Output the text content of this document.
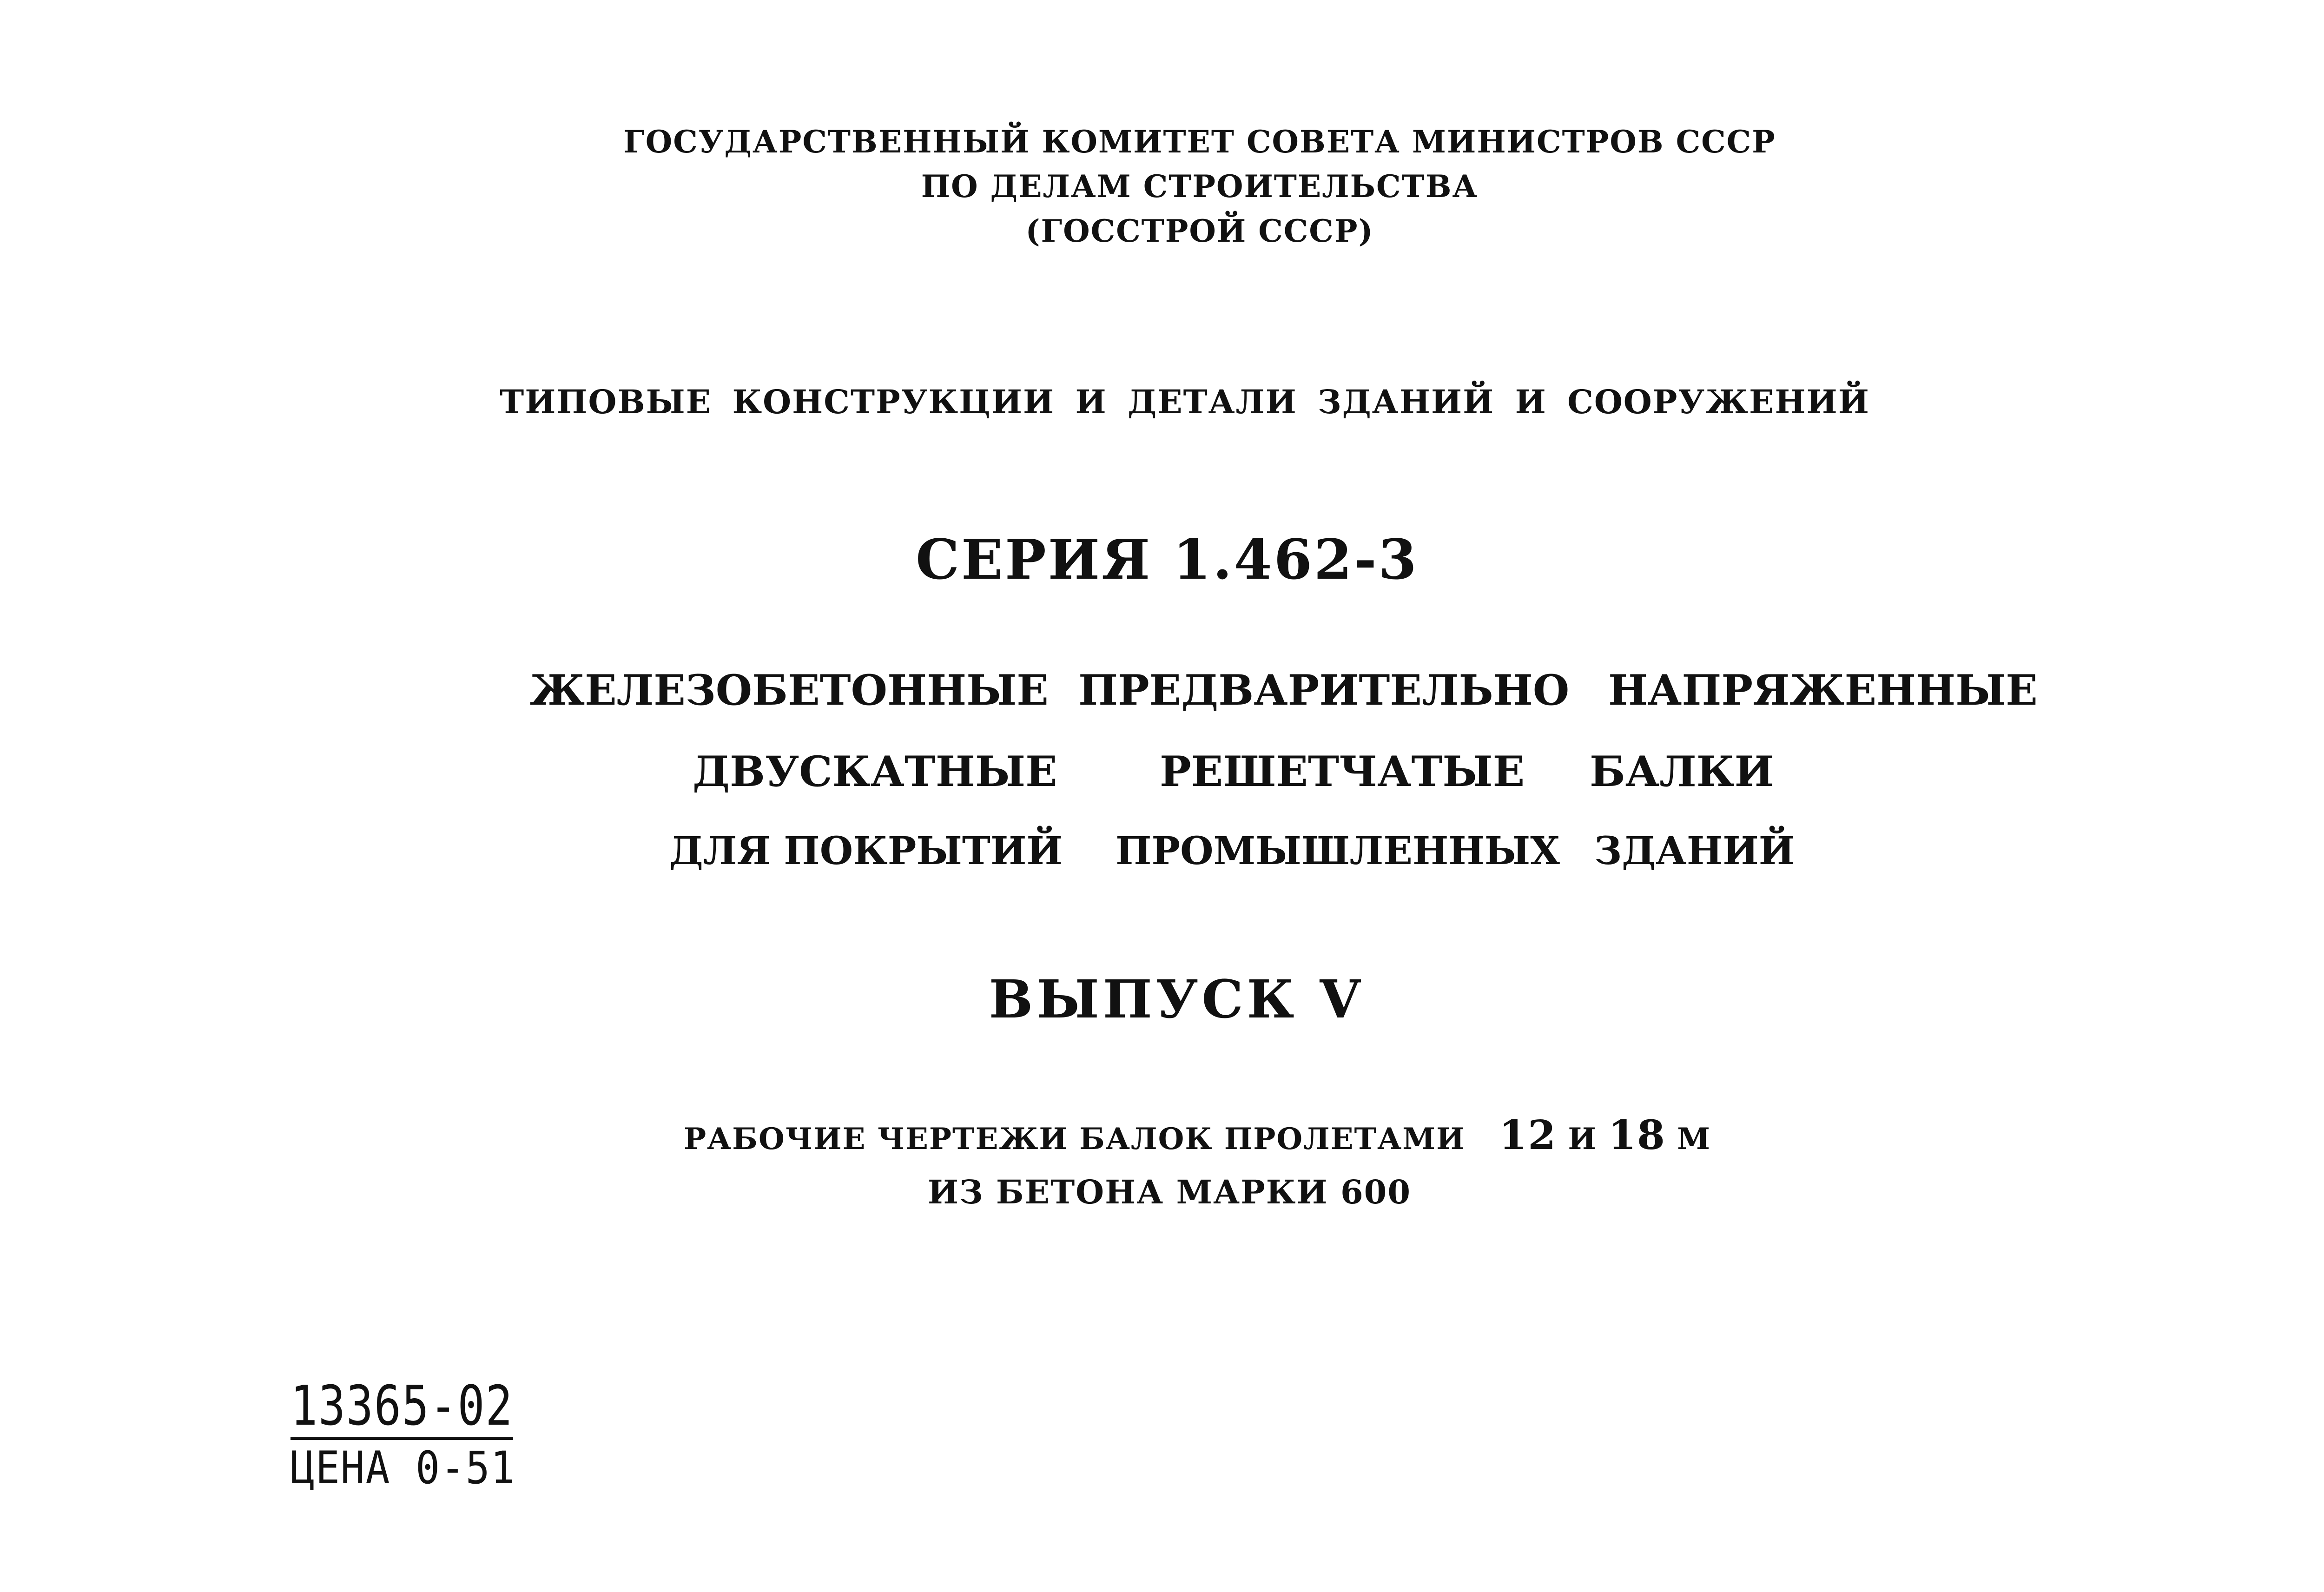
ГОСУДАРСТВЕННЫЙ КОМИТЕТ СОВЕТА МИНИСТРОВ СССР
ПО ДЕЛАМ СТРОИТЕЛЬСТВА
(ГОССТРОЙ СССР)
ТИПОВЫЕ КОНСТРУКЦИИ И ДЕТАЛИ ЗДАНИЙ И СООРУЖЕНИЙ
СЕРИЯ 1.462-3
ЖЕЛЕЗОБЕТОННЫЕ ПРЕДВАРИТЕЛЬНО НАПРЯЖЕННЫЕ
ДВУСКАТНЫЕ РЕШЕТЧАТЫЕ БАЛКИ
ДЛЯ ПОКРЫТИЙ ПРОМЫШЛЕННЫХ ЗДАНИЙ
ВЫПУСК V
РАБОЧИЕ ЧЕРТЕЖИ БАЛОК ПРОЛЕТАМИ 12 И 18 М
ИЗ БЕТОНА МАРКИ 600
13365-02
ЦЕНА 0-51
